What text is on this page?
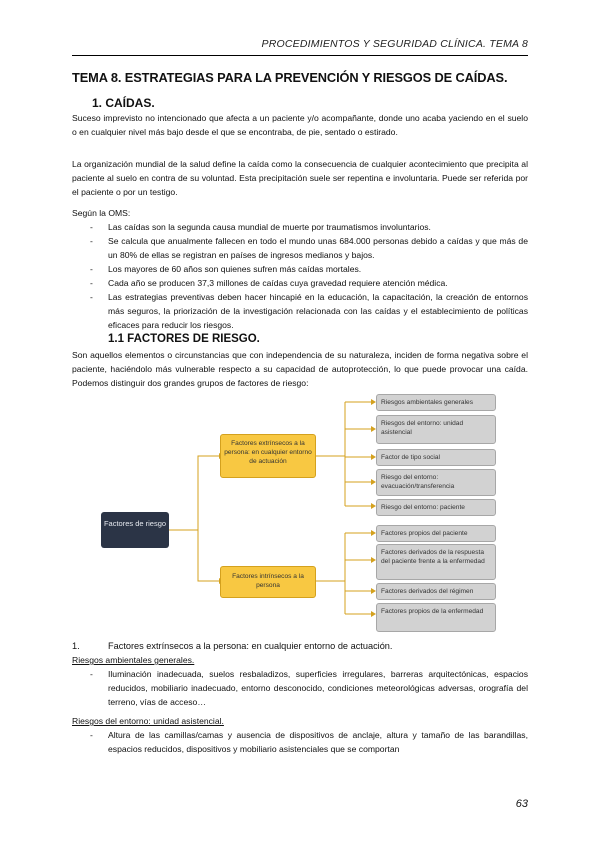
PROCEDIMIENTOS Y SEGURIDAD CLÍNICA. TEMA 8
TEMA 8. ESTRATEGIAS PARA LA PREVENCIÓN Y RIESGOS DE CAÍDAS.
1. CAÍDAS.
Suceso imprevisto no intencionado que afecta a un paciente y/o acompañante, donde uno acaba yaciendo en el suelo o en cualquier nivel más bajo desde el que se encontraba, de pie, sentado o estirado.
La organización mundial de la salud define la caída como la consecuencia de cualquier acontecimiento que precipita al paciente al suelo en contra de su voluntad. Esta precipitación suele ser repentina e involuntaria. Puede ser referida por el paciente o por un testigo.
Según la OMS:
- Las caídas son la segunda causa mundial de muerte por traumatismos involuntarios.
- Se calcula que anualmente fallecen en todo el mundo unas 684.000 personas debido a caídas y que más de un 80% de ellas se registran en países de ingresos medianos y bajos.
- Los mayores de 60 años son quienes sufren más caídas mortales.
- Cada año se producen 37,3 millones de caídas cuya gravedad requiere atención médica.
- Las estrategias preventivas deben hacer hincapié en la educación, la capacitación, la creación de entornos más seguros, la priorización de la investigación relacionada con las caídas y el establecimiento de políticas eficaces para reducir los riesgos.
1.1 FACTORES DE RIESGO.
Son aquellos elementos o circunstancias que con independencia de su naturaleza, inciden de forma negativa sobre el paciente, haciéndolo más vulnerable respecto a su capacidad de autoprotección, lo que puede provocar una caída. Podemos distinguir dos grandes grupos de factores de riesgo:
Factores de riesgo
Factores extrínsecos a la persona: en cualquier entorno de actuación
Factores intrínsecos a la persona
Riesgos ambientales generales
Riesgos del entorno: unidad asistencial
Factor de tipo social
Riesgo del entorno: evacuación/transferencia
Riesgo del entorno: paciente
Factores propios del paciente
Factores derivados de la respuesta del paciente frente a la enfermedad
Factores derivados del régimen
Factores propios de la enfermedad
1.	Factores extrínsecos a la persona: en cualquier entorno de actuación.
Riesgos ambientales generales.
- Iluminación inadecuada, suelos resbaladizos, superficies irregulares, barreras arquitectónicas, espacios reducidos, mobiliario inadecuado, entorno desconocido, condiciones meteorológicas adversas, orografía del terreno, vías de acceso…
Riesgos del entorno: unidad asistencial.
- Altura de las camillas/camas y ausencia de dispositivos de anclaje, altura y tamaño de las barandillas, espacios reducidos, dispositivos y mobiliario asistenciales que se comportan
63
